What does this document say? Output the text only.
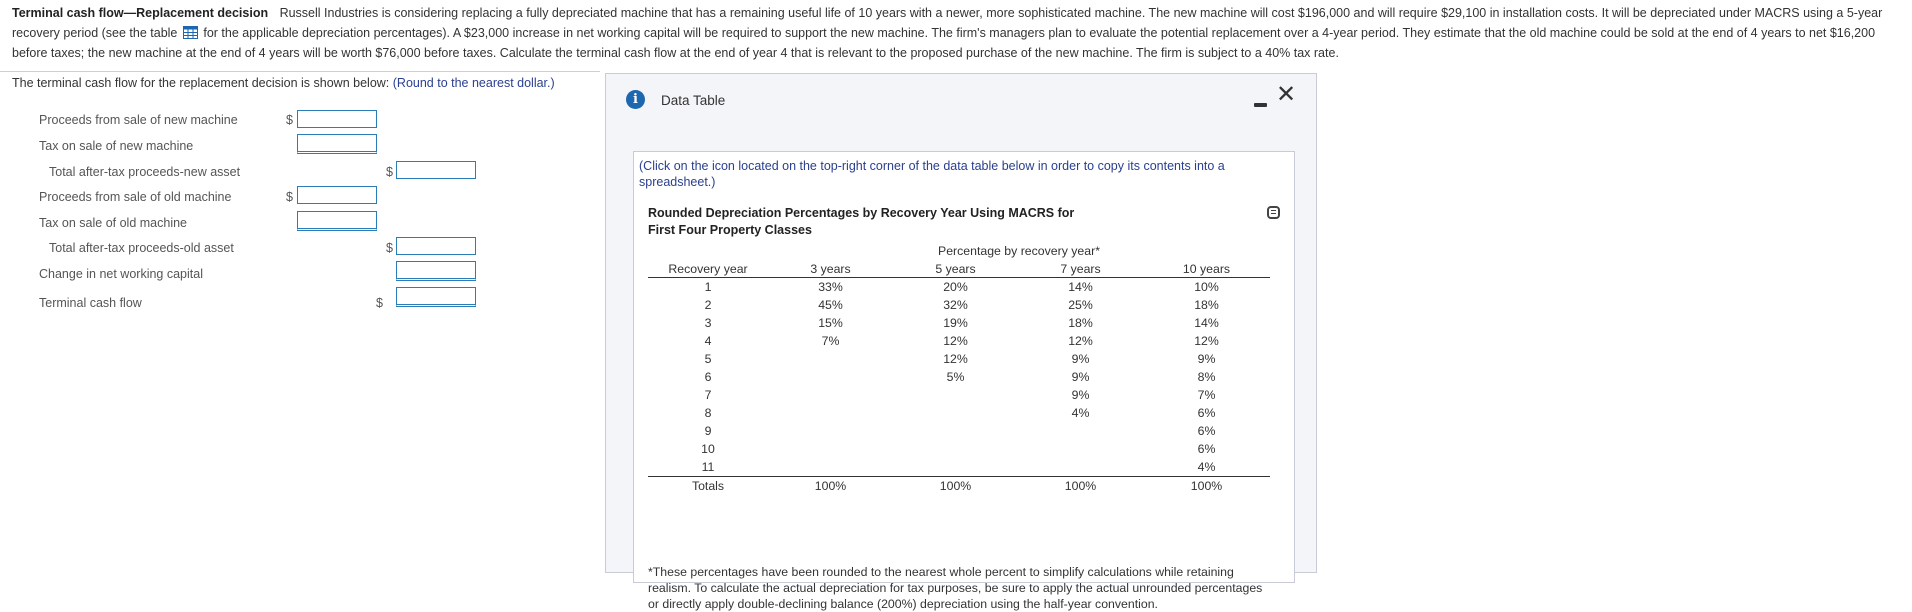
Terminal cash flow—Replacement decision Russell Industries is considering replacing a fully depreciated machine that has a remaining useful life of 10 years with a newer, more sophisticated machine. The new machine will cost $196,000 and will require $29,100 in installation costs. It will be depreciated under MACRS using a 5-year recovery period (see the table for the applicable depreciation percentages). A $23,000 increase in net working capital will be required to support the new machine. The firm's managers plan to evaluate the potential replacement over a 4-year period. They estimate that the old machine could be sold at the end of 4 years to net $16,200 before taxes; the new machine at the end of 4 years will be worth $76,000 before taxes. Calculate the terminal cash flow at the end of year 4 that is relevant to the proposed purchase of the new machine. The firm is subject to a 40% tax rate.
The terminal cash flow for the replacement decision is shown below: (Round to the nearest dollar.)
Proceeds from sale of new machine	$
Tax on sale of new machine
Total after-tax proceeds-new asset	$
Proceeds from sale of old machine	$
Tax on sale of old machine
Total after-tax proceeds-old asset	$
Change in net working capital
Terminal cash flow	$
i	Data Table	✕
(Click on the icon located on the top-right corner of the data table below in order to copy its contents into a spreadsheet.)
Rounded Depreciation Percentages by Recovery Year Using MACRS for
First Four Property Classes
	Percentage by recovery year*			
Recovery year	3 years	5 years	7 years	10 years
1	33%	20%	14%	10%
2	45%	32%	25%	18%
3	15%	19%	18%	14%
4	7%	12%	12%	12%
5		12%	9%	9%
6		5%	9%	8%
7			9%	7%
8			4%	6%
9				6%
10				6%
11				4%
Totals	100%	100%	100%	100%
*These percentages have been rounded to the nearest whole percent to simplify calculations while retaining realism. To calculate the actual depreciation for tax purposes, be sure to apply the actual unrounded percentages or directly apply double-declining balance (200%) depreciation using the half-year convention.
